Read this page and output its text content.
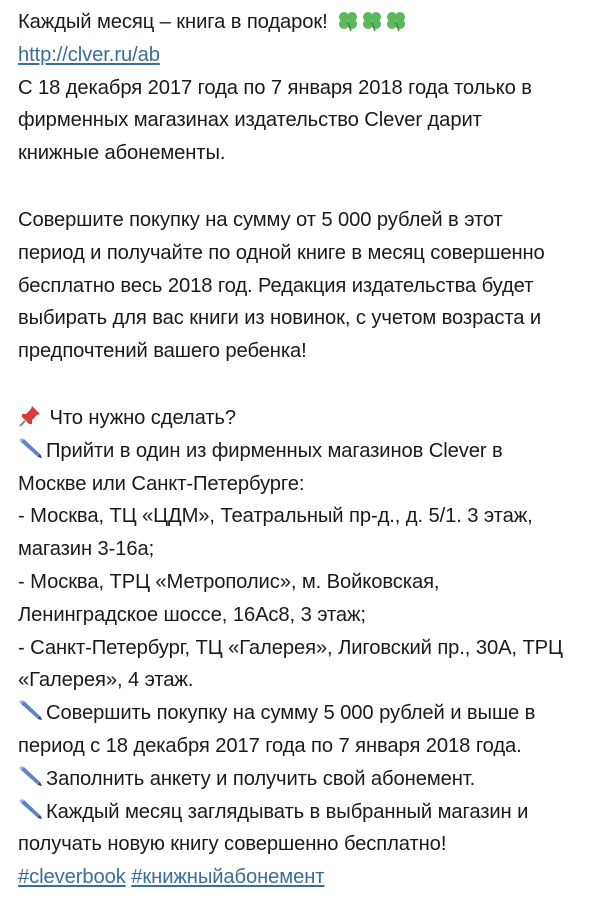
Каждый месяц – книга в подарок!
http://clver.ru/ab
С 18 декабря 2017 года по 7 января 2018 года только в
фирменных магазинах издательство Clever дарит
книжные абонементы.
Совершите покупку на сумму от 5 000 рублей в этот
период и получайте по одной книге в месяц совершенно
бесплатно весь 2018 год. Редакция издательства будет
выбирать для вас книги из новинок, с учетом возраста и
предпочтений вашего ребенка!
Что нужно сделать?
Прийти в один из фирменных магазинов Clever в
Москве или Санкт-Петербурге:
- Москва, ТЦ «ЦДМ», Театральный пр-д., д. 5/1. 3 этаж,
магазин 3-16а;
- Москва, ТРЦ «Метрополис», м. Войковская,
Ленинградское шоссе, 16Ас8, 3 этаж;
- Санкт-Петербург, ТЦ «Галерея», Лиговский пр., 30А, ТРЦ
«Галерея», 4 этаж.
Совершить покупку на сумму 5 000 рублей и выше в
период с 18 декабря 2017 года по 7 января 2018 года.
Заполнить анкету и получить свой абонемент.
Каждый месяц заглядывать в выбранный магазин и
получать новую книгу совершенно бесплатно!
#cleverbook #книжныйабонемент
